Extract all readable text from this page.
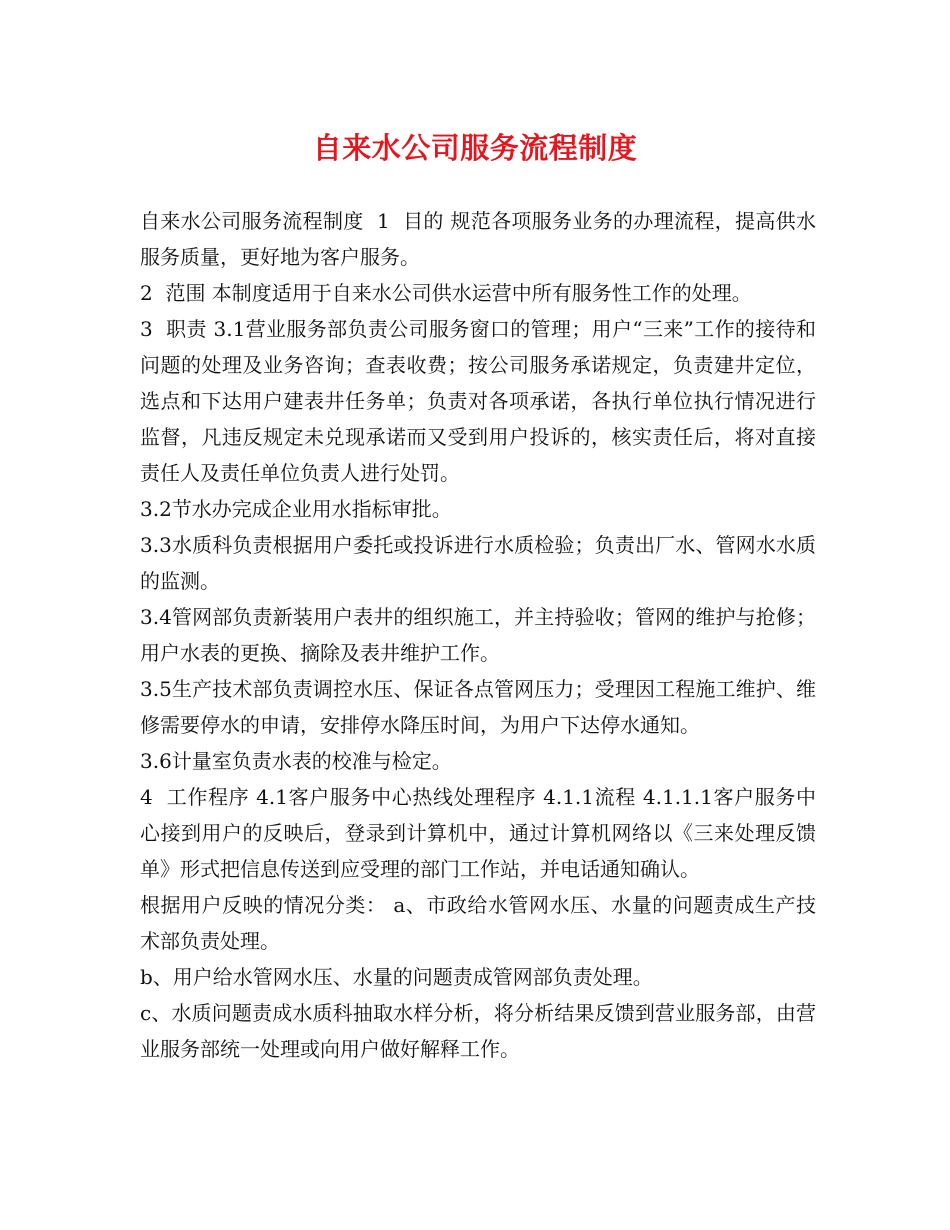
自来水公司服务流程制度

自来水公司服务流程制度  1  目的 规范各项服务业务的办理流程，提高供水服务质量，更好地为客户服务。

2  范围 本制度适用于自来水公司供水运营中所有服务性工作的处理。

3  职责 3.1营业服务部负责公司服务窗口的管理；用户“三来”工作的接待和问题的处理及业务咨询；查表收费；按公司服务承诺规定，负责建井定位，选点和下达用户建表井任务单；负责对各项承诺，各执行单位执行情况进行监督，凡违反规定未兑现承诺而又受到用户投诉的，核实责任后，将对直接责任人及责任单位负责人进行处罚。

3.2节水办完成企业用水指标审批。

3.3水质科负责根据用户委托或投诉进行水质检验；负责出厂水、管网水水质的监测。

3.4管网部负责新装用户表井的组织施工，并主持验收；管网的维护与抢修；用户水表的更换、摘除及表井维护工作。

3.5生产技术部负责调控水压、保证各点管网压力；受理因工程施工维护、维修需要停水的申请，安排停水降压时间，为用户下达停水通知。

3.6计量室负责水表的校准与检定。

4  工作程序 4.1客户服务中心热线处理程序 4.1.1流程 4.1.1.1客户服务中心接到用户的反映后，登录到计算机中，通过计算机网络以《三来处理反馈单》形式把信息传送到应受理的部门工作站，并电话通知确认。

根据用户反映的情况分类： a、市政给水管网水压、水量的问题责成生产技术部负责处理。

b、用户给水管网水压、水量的问题责成管网部负责处理。

c、水质问题责成水质科抽取水样分析，将分析结果反馈到营业服务部，由营业服务部统一处理或向用户做好解释工作。
